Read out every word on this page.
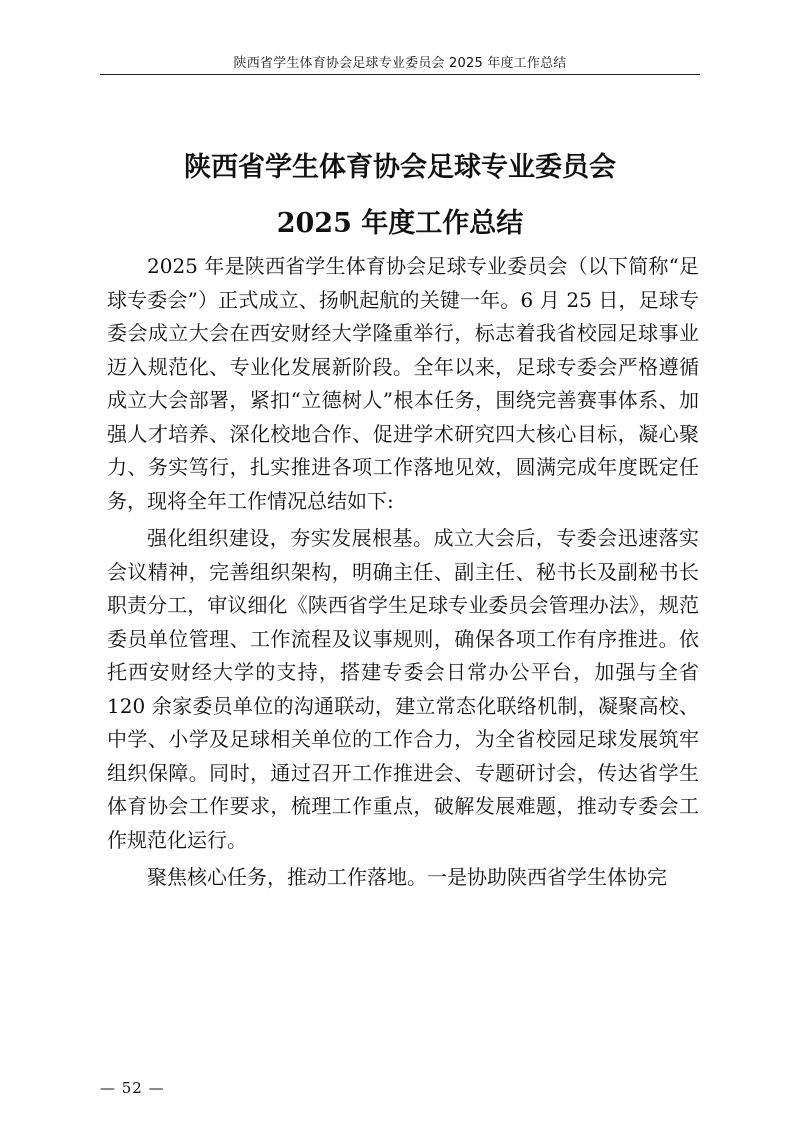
陕西省学生体育协会足球专业委员会 2025 年度工作总结
陕西省学生体育协会足球专业委员会
2025 年度工作总结

2025 年是陕西省学生体育协会足球专业委员会（以下简称“足球专委会”）正式成立、扬帆起航的关键一年。6 月 25 日，足球专委会成立大会在西安财经大学隆重举行，标志着我省校园足球事业迈入规范化、专业化发展新阶段。全年以来，足球专委会严格遵循成立大会部署，紧扣“立德树人”根本任务，围绕完善赛事体系、加强人才培养、深化校地合作、促进学术研究四大核心目标，凝心聚力、务实笃行，扎实推进各项工作落地见效，圆满完成年度既定任务，现将全年工作情况总结如下:

强化组织建设，夯实发展根基。成立大会后，专委会迅速落实会议精神，完善组织架构，明确主任、副主任、秘书长及副秘书长职责分工，审议细化《陕西省学生足球专业委员会管理办法》，规范委员单位管理、工作流程及议事规则，确保各项工作有序推进。依托西安财经大学的支持，搭建专委会日常办公平台，加强与全省 120 余家委员单位的沟通联动，建立常态化联络机制，凝聚高校、中学、小学及足球相关单位的工作合力，为全省校园足球发展筑牢组织保障。同时，通过召开工作推进会、专题研讨会，传达省学生体育协会工作要求，梳理工作重点，破解发展难题，推动专委会工作规范化运行。

聚焦核心任务，推动工作落地。一是协助陕西省学生体协完

— 52 —
